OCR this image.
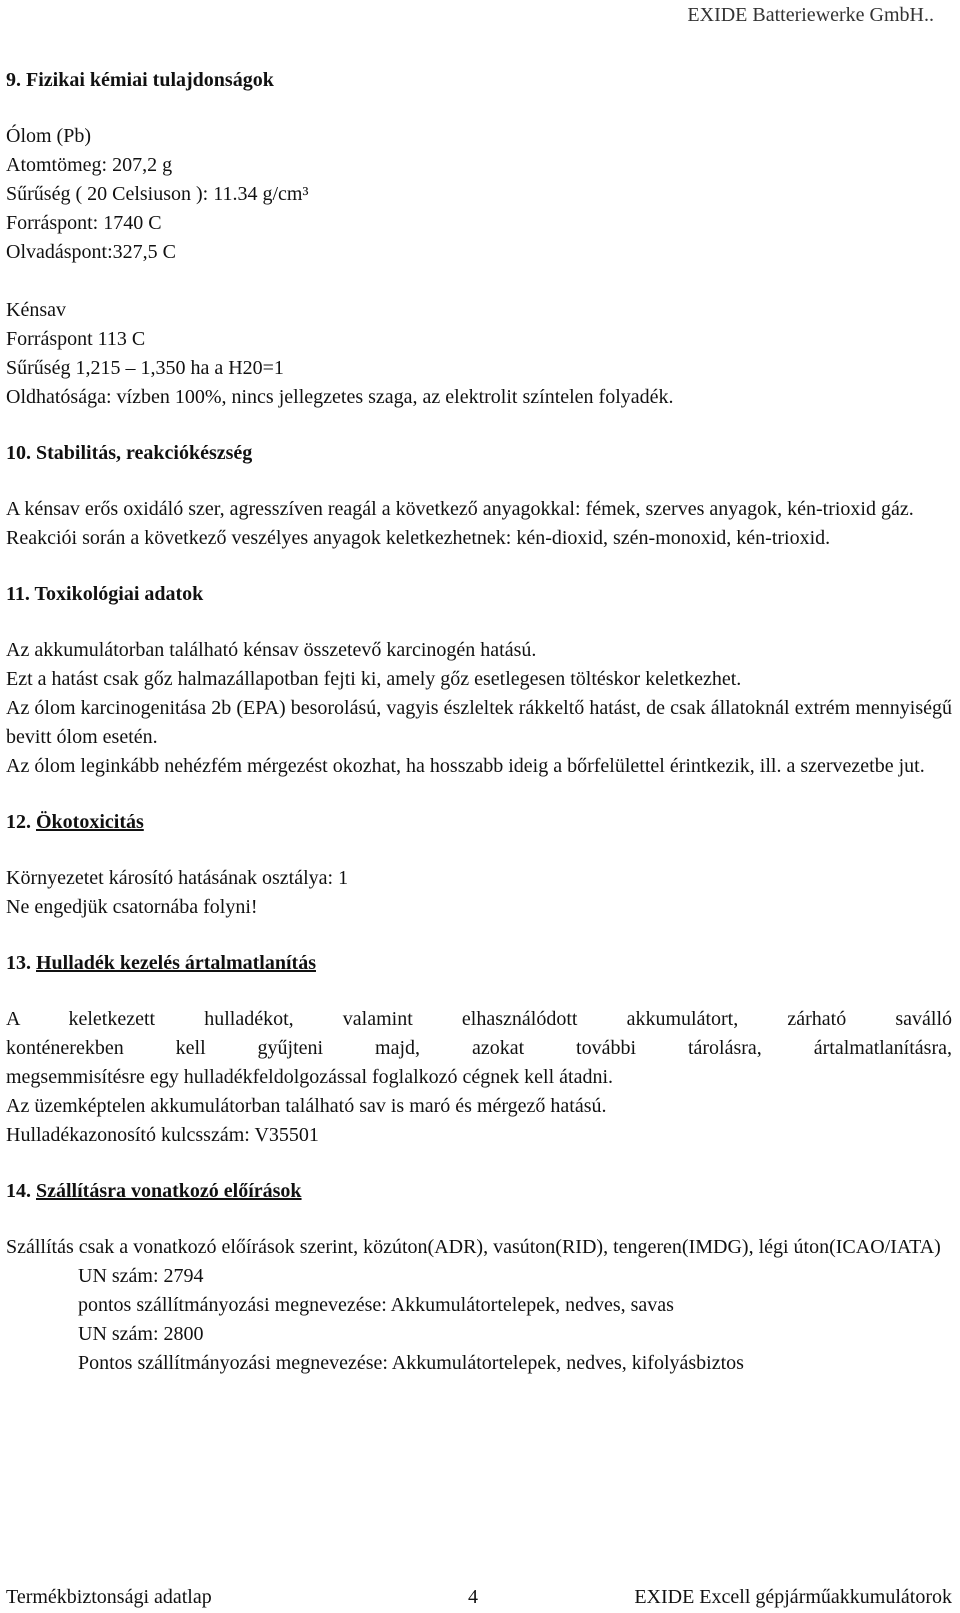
EXIDE Batteriewerke GmbH..
9. Fizikai kémiai tulajdonságok
Ólom (Pb)
Atomtömeg: 207,2 g
Sűrűség ( 20 Celsiuson ): 11.34 g/cm³
Forráspont: 1740 C
Olvadáspont:327,5 C
Kénsav
Forráspont 113 C
Sűrűség 1,215 – 1,350 ha a H20=1
Oldhatósága: vízben 100%, nincs jellegzetes szaga, az elektrolit színtelen folyadék.
10. Stabilitás, reakciókészség
A kénsav erős oxidáló szer, agresszíven reagál a következő anyagokkal: fémek, szerves anyagok, kén-trioxid gáz.
Reakciói során a következő veszélyes anyagok keletkezhetnek: kén-dioxid, szén-monoxid, kén-trioxid.
11. Toxikológiai adatok
Az akkumulátorban található kénsav összetevő karcinogén hatású.
Ezt a hatást csak gőz halmazállapotban fejti ki, amely gőz esetlegesen töltéskor keletkezhet.
Az ólom karcinogenitása 2b (EPA) besorolású, vagyis észleltek rákkeltő hatást, de csak állatoknál extrém mennyiségű bevitt ólom esetén.
Az ólom leginkább nehézfém mérgezést okozhat, ha hosszabb ideig a bőrfelülettel érintkezik, ill. a szervezetbe jut.
12. Ökotoxicitás
Környezetet károsító hatásának osztálya: 1
Ne engedjük csatornába folyni!
13. Hulladék kezelés ártalmatlanítás
A keletkezett hulladékot, valamint elhasználódott akkumulátort, zárható saválló
konténerekben kell gyűjteni majd, azokat további tárolásra, ártalmatlanításra,
megsemmisítésre egy hulladékfeldolgozással foglalkozó cégnek kell átadni.
Az üzemképtelen akkumulátorban található sav is maró és mérgező hatású.
Hulladékazonosító kulcsszám: V35501
14. Szállításra vonatkozó előírások
Szállítás csak a vonatkozó előírások szerint, közúton(ADR), vasúton(RID), tengeren(IMDG), légi úton(ICAO/IATA)
UN szám: 2794
pontos szállítmányozási megnevezése: Akkumulátortelepek, nedves, savas
UN szám: 2800
Pontos szállítmányozási megnevezése: Akkumulátortelepek, nedves, kifolyásbiztos
Termékbiztonsági adatlap	4	EXIDE Excell gépjárműakkumulátorok
